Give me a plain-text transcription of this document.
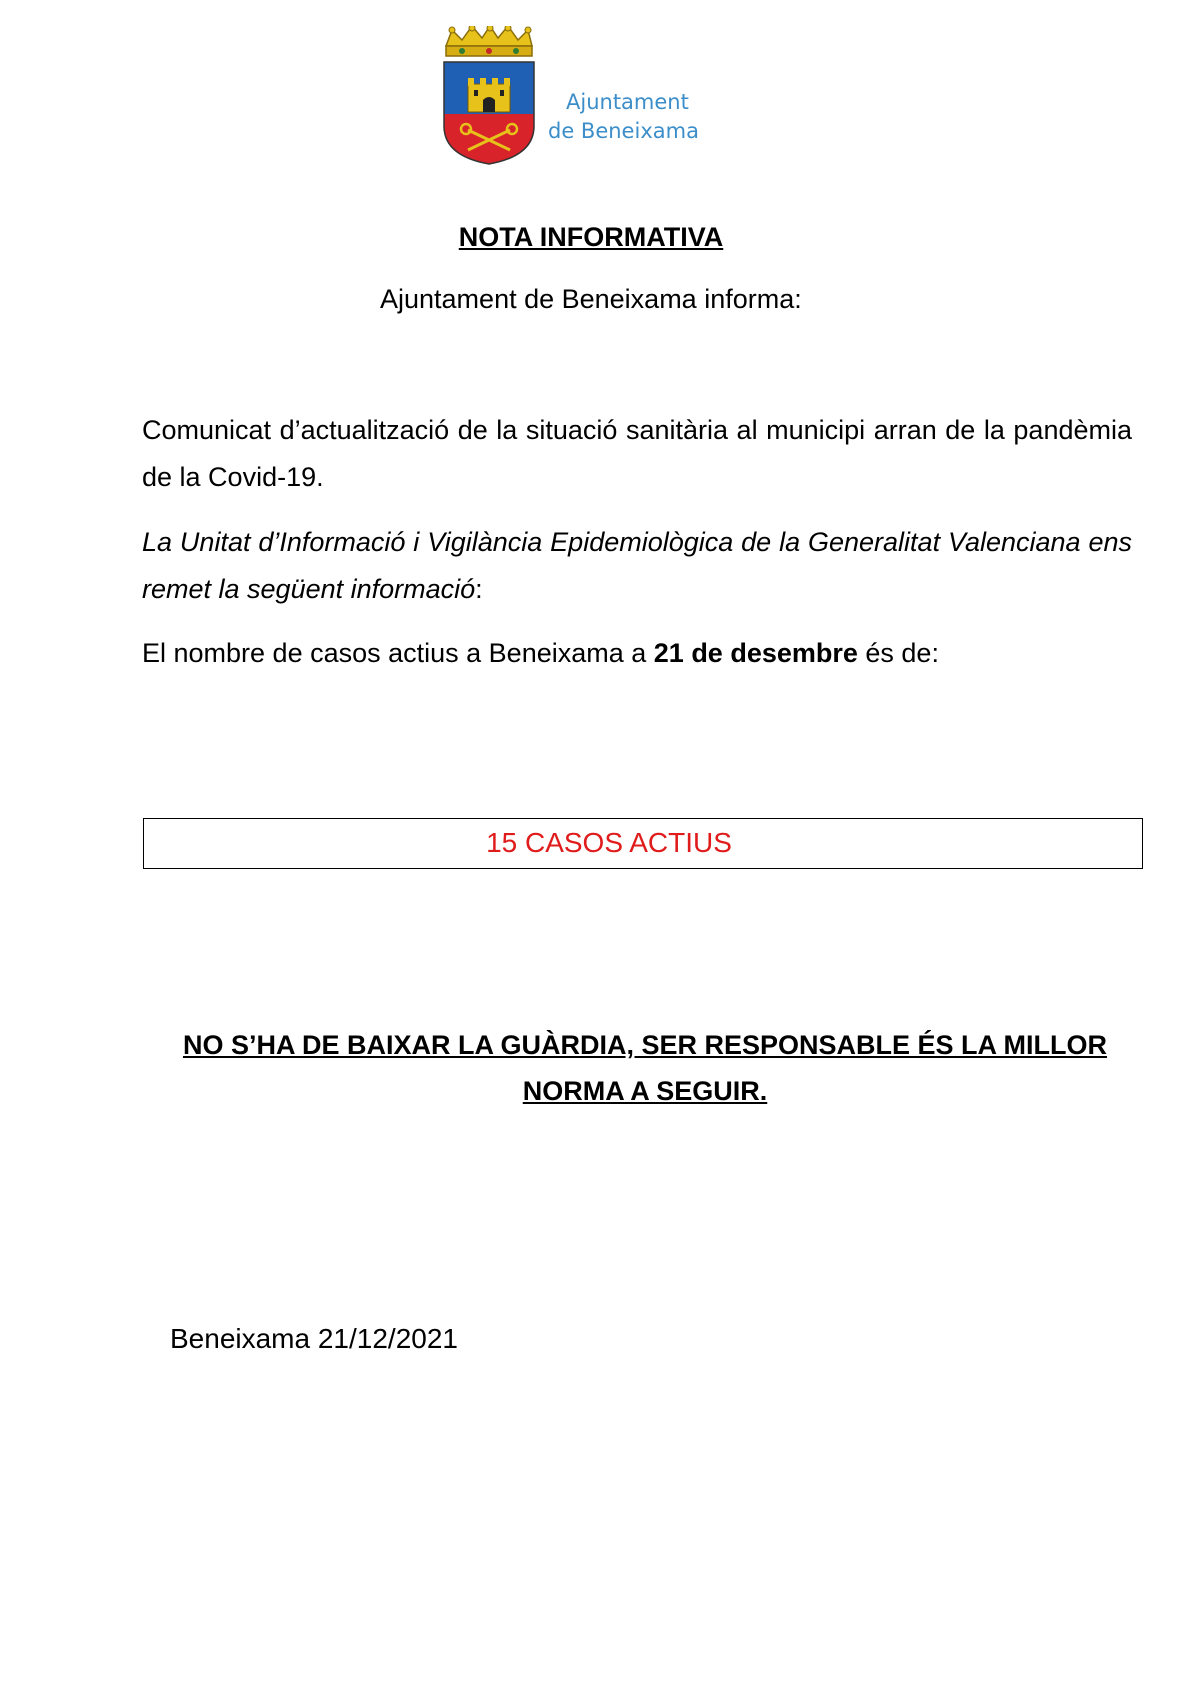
Ajuntament
de Beneixama
NOTA INFORMATIVA
Ajuntament de Beneixama informa:

Comunicat d’actualització de la situació sanitària al municipi arran de la pandèmia de la Covid-19.

La Unitat d’Informació i Vigilància Epidemiològica de la Generalitat Valenciana ens remet la següent informació:

El nombre de casos actius a Beneixama a 21 de desembre és de:

15 CASOS ACTIUS
NO S’HA DE BAIXAR LA GUÀRDIA, SER RESPONSABLE ÉS LA MILLOR NORMA A SEGUIR.
Beneixama 21/12/2021
